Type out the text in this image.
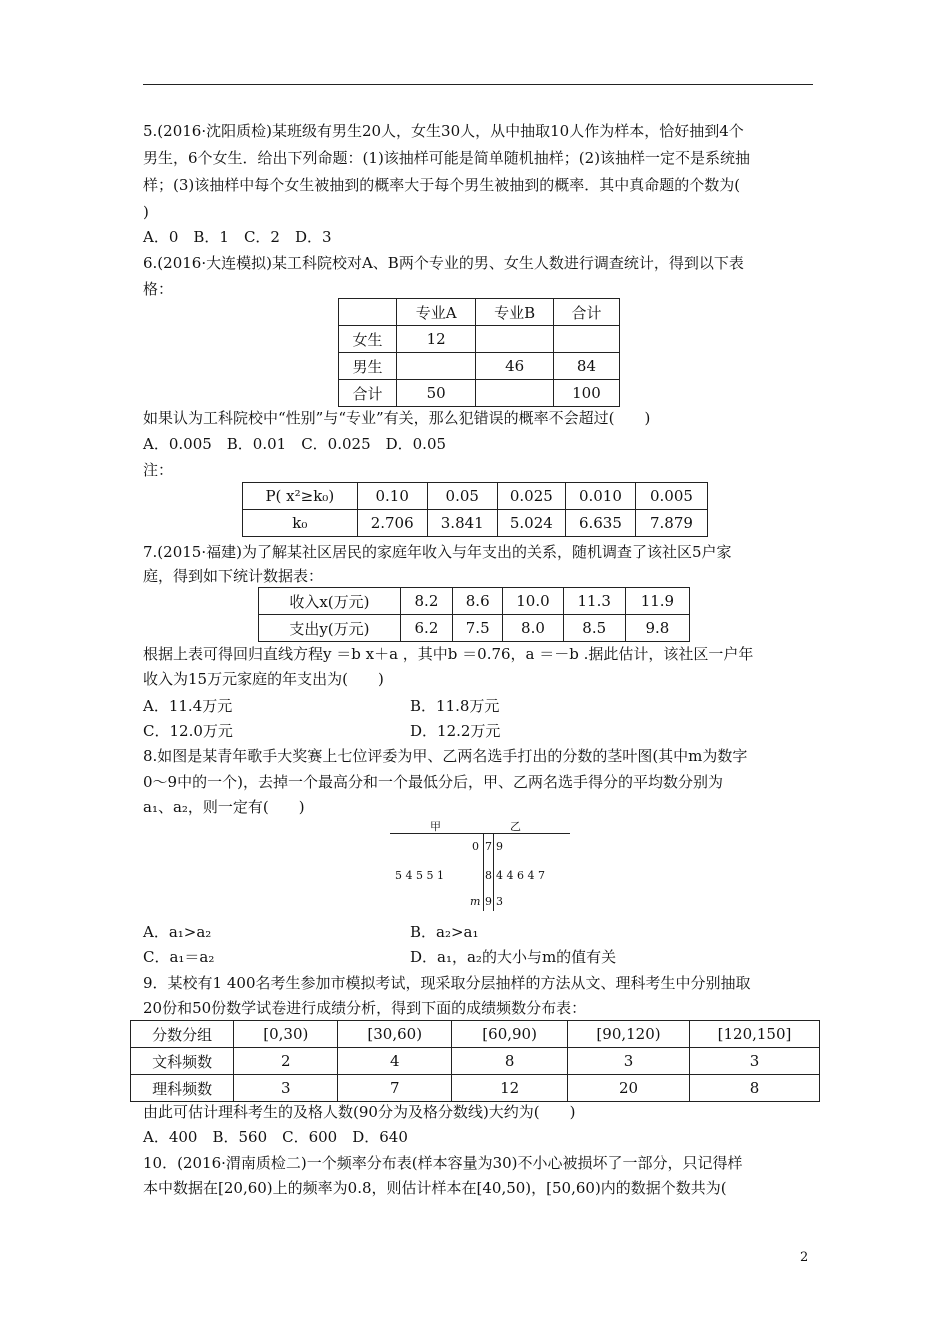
5.(2016·沈阳质检)某班级有男生20人，女生30人，从中抽取10人作为样本，恰好抽到4个
男生，6个女生．给出下列命题：(1)该抽样可能是简单随机抽样；(2)该抽样一定不是系统抽
样；(3)该抽样中每个女生被抽到的概率大于每个男生被抽到的概率．其中真命题的个数为(
)
A．0　B．1　C．2　D．3
6.(2016·大连模拟)某工科院校对A、B两个专业的男、女生人数进行调查统计，得到以下表
格：
	专业A	专业B	合计
女生	12		
男生		46	84
合计	50		100
如果认为工科院校中“性别”与“专业”有关，那么犯错误的概率不会超过(　　)
A．0.005　B．0.01　C．0.025　D．0.05
注：
P( x²≥k₀)	0.10	0.05	0.025	0.010	0.005
k₀	2.706	3.841	5.024	6.635	7.879
7.(2015·福建)为了解某社区居民的家庭年收入与年支出的关系，随机调查了该社区5户家
庭，得到如下统计数据表：
收入x(万元)	8.2	8.6	10.0	11.3	11.9
支出y(万元)	6.2	7.5	8.0	8.5	9.8
根据上表可得回归直线方程y ＝b x＋a ，其中b ＝0.76，a ＝－b .据此估计，该社区一户年
收入为15万元家庭的年支出为(　　)
A．11.4万元	B．11.8万元
C．12.0万元	D．12.2万元
8.如图是某青年歌手大奖赛上七位评委为甲、乙两名选手打出的分数的茎叶图(其中m为数字
0～9中的一个)，去掉一个最高分和一个最低分后，甲、乙两名选手得分的平均数分别为
a₁、a₂，则一定有(　　)
甲	乙
0 7 9
5 4 5 5 1	8 4 4 6 4 7
m 9 3
A．a₁>a₂	B．a₂>a₁
C．a₁＝a₂	D．a₁，a₂的大小与m的值有关
9．某校有1 400名考生参加市模拟考试，现采取分层抽样的方法从文、理科考生中分别抽取
20份和50份数学试卷进行成绩分析，得到下面的成绩频数分布表：
分数分组	[0,30)	[30,60)	[60,90)	[90,120)	[120,150]
文科频数	2	4	8	3	3
理科频数	3	7	12	20	8
由此可估计理科考生的及格人数(90分为及格分数线)大约为(　　)
A．400　B．560　C．600　D．640
10．(2016·渭南质检二)一个频率分布表(样本容量为30)不小心被损坏了一部分，只记得样
本中数据在[20,60)上的频率为0.8，则估计样本在[40,50)，[50,60)内的数据个数共为(
2
